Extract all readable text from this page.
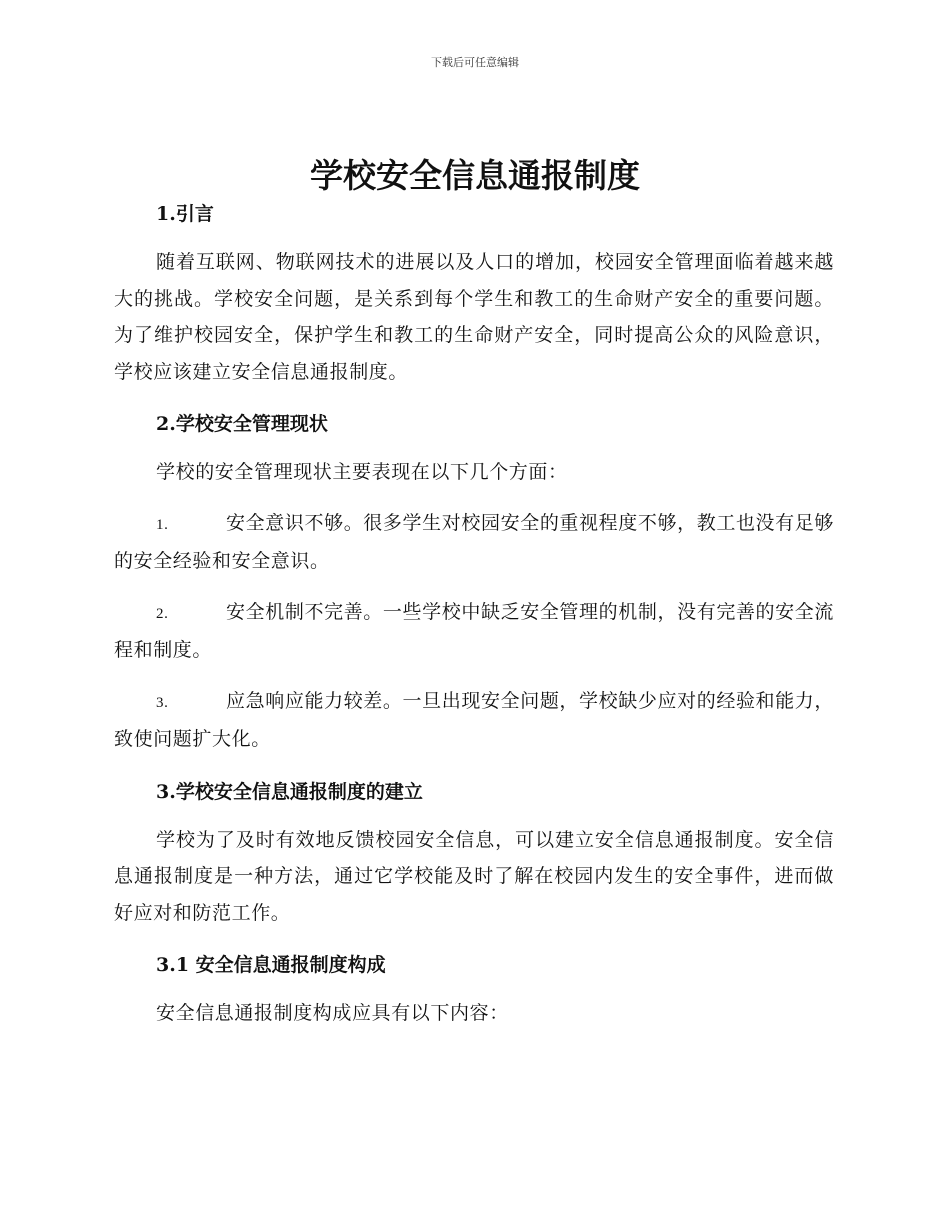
下载后可任意编辑
学校安全信息通报制度

1.引言

随着互联网、物联网技术的进展以及人口的增加，校园安全管理面临着越来越大的挑战。学校安全问题，是关系到每个学生和教工的生命财产安全的重要问题。为了维护校园安全，保护学生和教工的生命财产安全，同时提高公众的风险意识，学校应该建立安全信息通报制度。

2.学校安全管理现状

学校的安全管理现状主要表现在以下几个方面：

1.	安全意识不够。很多学生对校园安全的重视程度不够，教工也没有足够的安全经验和安全意识。

2.	安全机制不完善。一些学校中缺乏安全管理的机制，没有完善的安全流程和制度。

3.	应急响应能力较差。一旦出现安全问题，学校缺少应对的经验和能力，致使问题扩大化。

3.学校安全信息通报制度的建立

学校为了及时有效地反馈校园安全信息，可以建立安全信息通报制度。安全信息通报制度是一种方法，通过它学校能及时了解在校园内发生的安全事件，进而做好应对和防范工作。

3.1 安全信息通报制度构成

安全信息通报制度构成应具有以下内容：
